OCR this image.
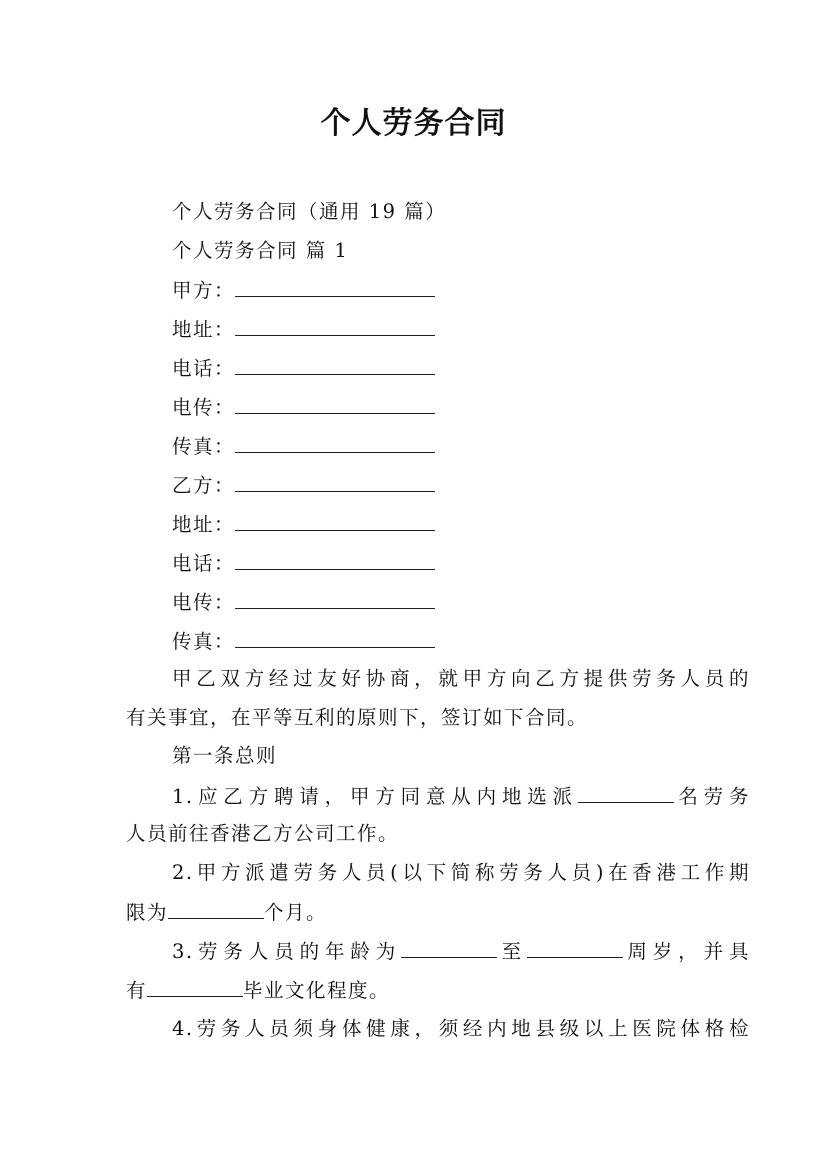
个人劳务合同
个人劳务合同（通用 19 篇）
个人劳务合同 篇 1
甲方：
地址：
电话：
电传：
传真：
乙方：
地址：
电话：
电传：
传真：
甲乙双方经过友好协商，就甲方向乙方提供劳务人员的
有关事宜，在平等互利的原则下，签订如下合同。
第一条总则
1.应乙方聘请，甲方同意从内地选派	名劳务
人员前往香港乙方公司工作。
2.甲方派遣劳务人员(以下简称劳务人员)在香港工作期
限为	个月。
3.劳务人员的年龄为	至	周岁，并具
有	毕业文化程度。
4.劳务人员须身体健康，须经内地县级以上医院体格检
